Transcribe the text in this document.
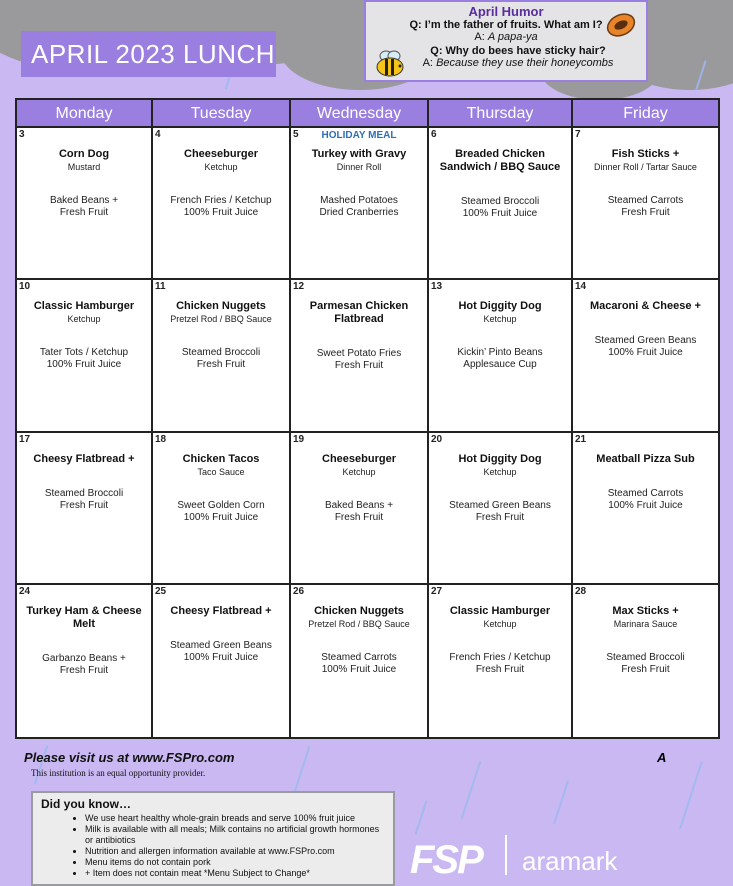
APRIL 2023 LUNCH
April Humor
Q: I’m the father of fruits. What am I?
A: A papa-ya
Q: Why do bees have sticky hair?
A: Because they use their honeycombs
Monday	Tuesday	Wednesday	Thursday	Friday
3
Corn Dog
Mustard
Baked Beans +
Fresh Fruit
4
Cheeseburger
Ketchup
French Fries / Ketchup
100% Fruit Juice
5	HOLIDAY MEAL
Turkey with Gravy
Dinner Roll
Mashed Potatoes
Dried Cranberries
6
Breaded Chicken Sandwich / BBQ Sauce
Steamed Broccoli
100% Fruit Juice
7
Fish Sticks +
Dinner Roll / Tartar Sauce
Steamed Carrots
Fresh Fruit
10
Classic Hamburger
Ketchup
Tater Tots / Ketchup
100% Fruit Juice
11
Chicken Nuggets
Pretzel Rod / BBQ Sauce
Steamed Broccoli
Fresh Fruit
12
Parmesan Chicken Flatbread
Sweet Potato Fries
Fresh Fruit
13
Hot Diggity Dog
Ketchup
Kickin’ Pinto Beans
Applesauce Cup
14
Macaroni & Cheese +
Steamed Green Beans
100% Fruit Juice
17
Cheesy Flatbread +
Steamed Broccoli
Fresh Fruit
18
Chicken Tacos
Taco Sauce
Sweet Golden Corn
100% Fruit Juice
19
Cheeseburger
Ketchup
Baked Beans +
Fresh Fruit
20
Hot Diggity Dog
Ketchup
Steamed Green Beans
Fresh Fruit
21
Meatball Pizza Sub
Steamed Carrots
100% Fruit Juice
24
Turkey Ham & Cheese Melt
Garbanzo Beans +
Fresh Fruit
25
Cheesy Flatbread +
Steamed Green Beans
100% Fruit Juice
26
Chicken Nuggets
Pretzel Rod / BBQ Sauce
Steamed Carrots
100% Fruit Juice
27
Classic Hamburger
Ketchup
French Fries / Ketchup
Fresh Fruit
28
Max Sticks +
Marinara Sauce
Steamed Broccoli
Fresh Fruit
Please visit us at www.FSPro.com	A
This institution is an equal opportunity provider.
Did you know…
• We use heart healthy whole-grain breads and serve 100% fruit juice
• Milk is available with all meals; Milk contains no artificial growth hormones or antibiotics
• Nutrition and allergen information available at www.FSPro.com
• Menu items do not contain pork
• + Item does not contain meat *Menu Subject to Change*	FSP aramark
